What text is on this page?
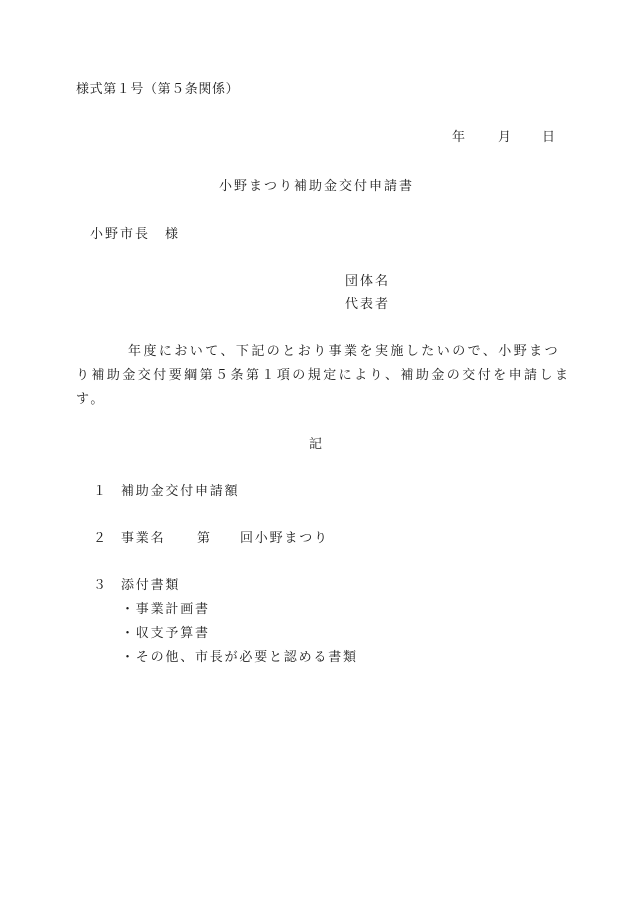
様式第１号（第５条関係）
年 月 日
小野まつり補助金交付申請書
小野市長　様
団体名
代表者
年度において、下記のとおり事業を実施したいので、小野まつ
り補助金交付要綱第５条第１項の規定により、補助金の交付を申請しま
す。
記
１ 補助金交付申請額
２ 事業名 第 回小野まつり
３ 添付書類
・事業計画書
・収支予算書
・その他、市長が必要と認める書類
